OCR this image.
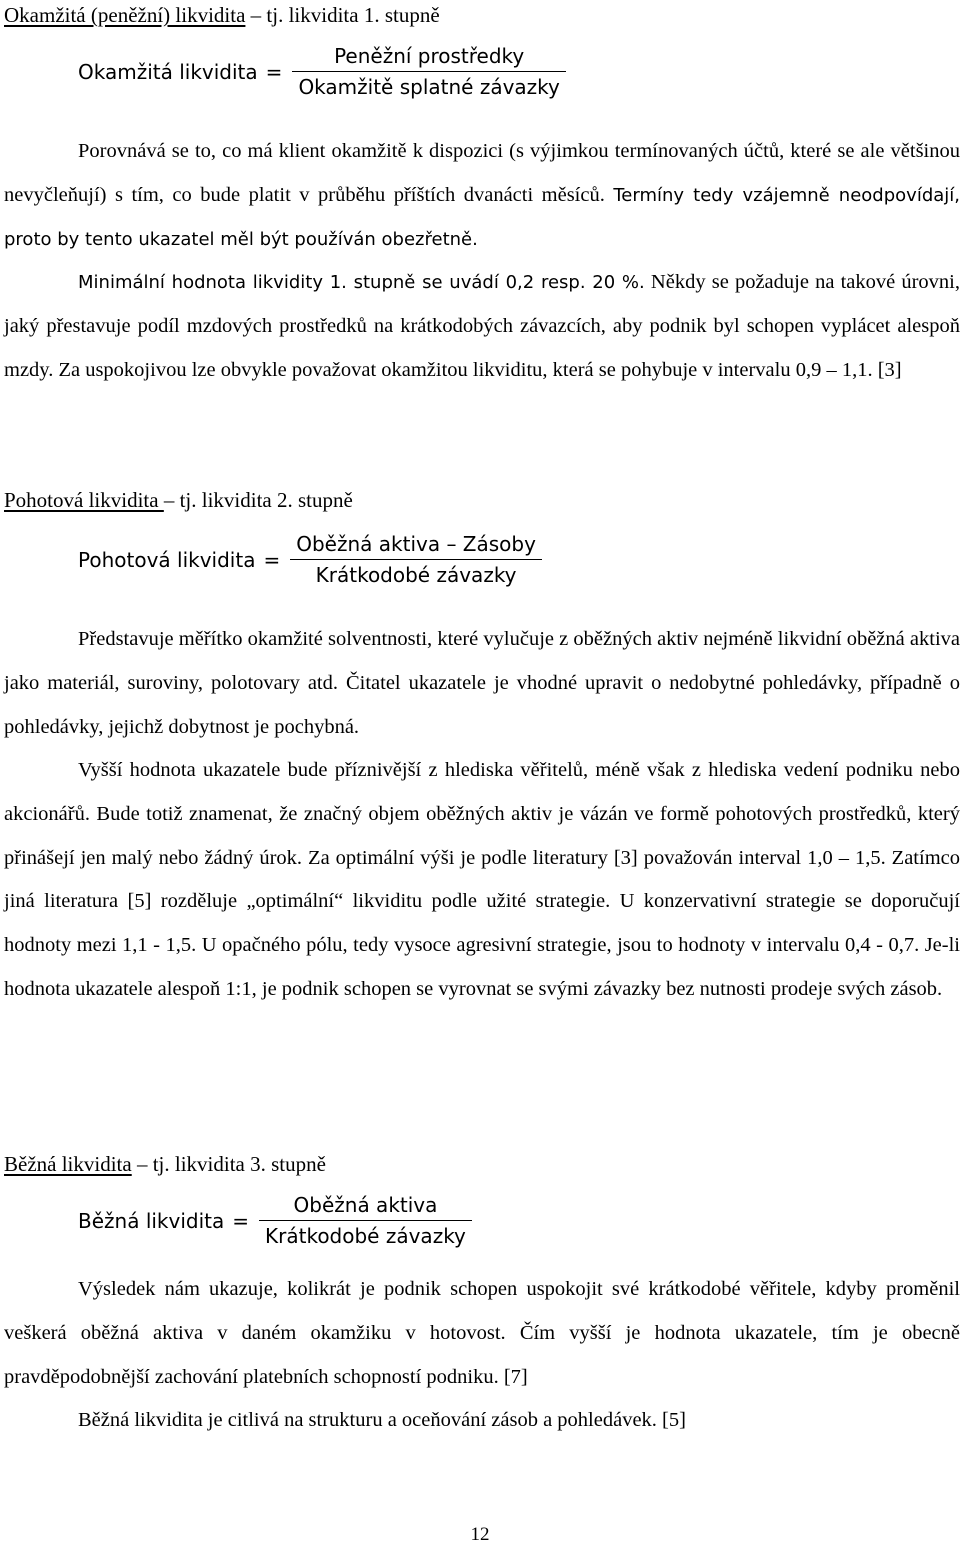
Okamžitá (peněžní) likvidita – tj. likvidita 1. stupně
Okamžitá likvidita = $\frac{\text{Peněžní prostředky}}{\text{Okamžitě splatné závazky}}$

Porovnává se to, co má klient okamžitě k dispozici (s výjimkou termínovaných účtů, které se ale většinou nevyčleňují) s tím, co bude platit v průběhu příštích dvanácti měsíců. Termíny tedy vzájemně neodpovídají, proto by tento ukazatel měl být používán obezřetně.
Minimální hodnota likvidity 1. stupně se uvádí 0,2 resp. 20 %. Někdy se požaduje na takové úrovni, jaký přestavuje podíl mzdových prostředků na krátkodobých závazcích, aby podnik byl schopen vyplácet alespoň mzdy. Za uspokojivou lze obvykle považovat okamžitou likviditu, která se pohybuje v intervalu 0,9 – 1,1. [3]

Pohotová likvidita – tj. likvidita 2. stupně
Pohotová likvidita = $\frac{\text{Oběžná aktiva – Zásoby}}{\text{Krátkodobé závazky}}$

Představuje měřítko okamžité solventnosti, které vylučuje z oběžných aktiv nejméně likvidní oběžná aktiva jako materiál, suroviny, polotovary atd. Čitatel ukazatele je vhodné upravit o nedobytné pohledávky, případně o pohledávky, jejichž dobytnost je pochybná.

Vyšší hodnota ukazatele bude příznivější z hlediska věřitelů, méně však z hlediska vedení podniku nebo akcionářů. Bude totiž znamenat, že značný objem oběžných aktiv je vázán ve formě pohotových prostředků, který přinášejí jen malý nebo žádný úrok. Za optimální výši je podle literatury [3] považován interval 1,0 – 1,5. Zatímco jiná literatura [5] rozděluje „optimální“ likviditu podle užité strategie. U konzervativní strategie se doporučují hodnoty mezi 1,1 - 1,5. U opačného pólu, tedy vysoce agresivní strategie, jsou to hodnoty v intervalu 0,4 - 0,7. Je-li hodnota ukazatele alespoň 1:1, je podnik schopen se vyrovnat se svými závazky bez nutnosti prodeje svých zásob.

Běžná likvidita – tj. likvidita 3. stupně
Běžná likvidita = $\frac{\text{Oběžná aktiva}}{\text{Krátkodobé závazky}}$

Výsledek nám ukazuje, kolikrát je podnik schopen uspokojit své krátkodobé věřitele, kdyby proměnil veškerá oběžná aktiva v daném okamžiku v hotovost. Čím vyšší je hodnota ukazatele, tím je obecně pravděpodobnější zachování platebních schopností podniku. [7]

Běžná likvidita je citlivá na strukturu a oceňování zásob a pohledávek. [5]

12
